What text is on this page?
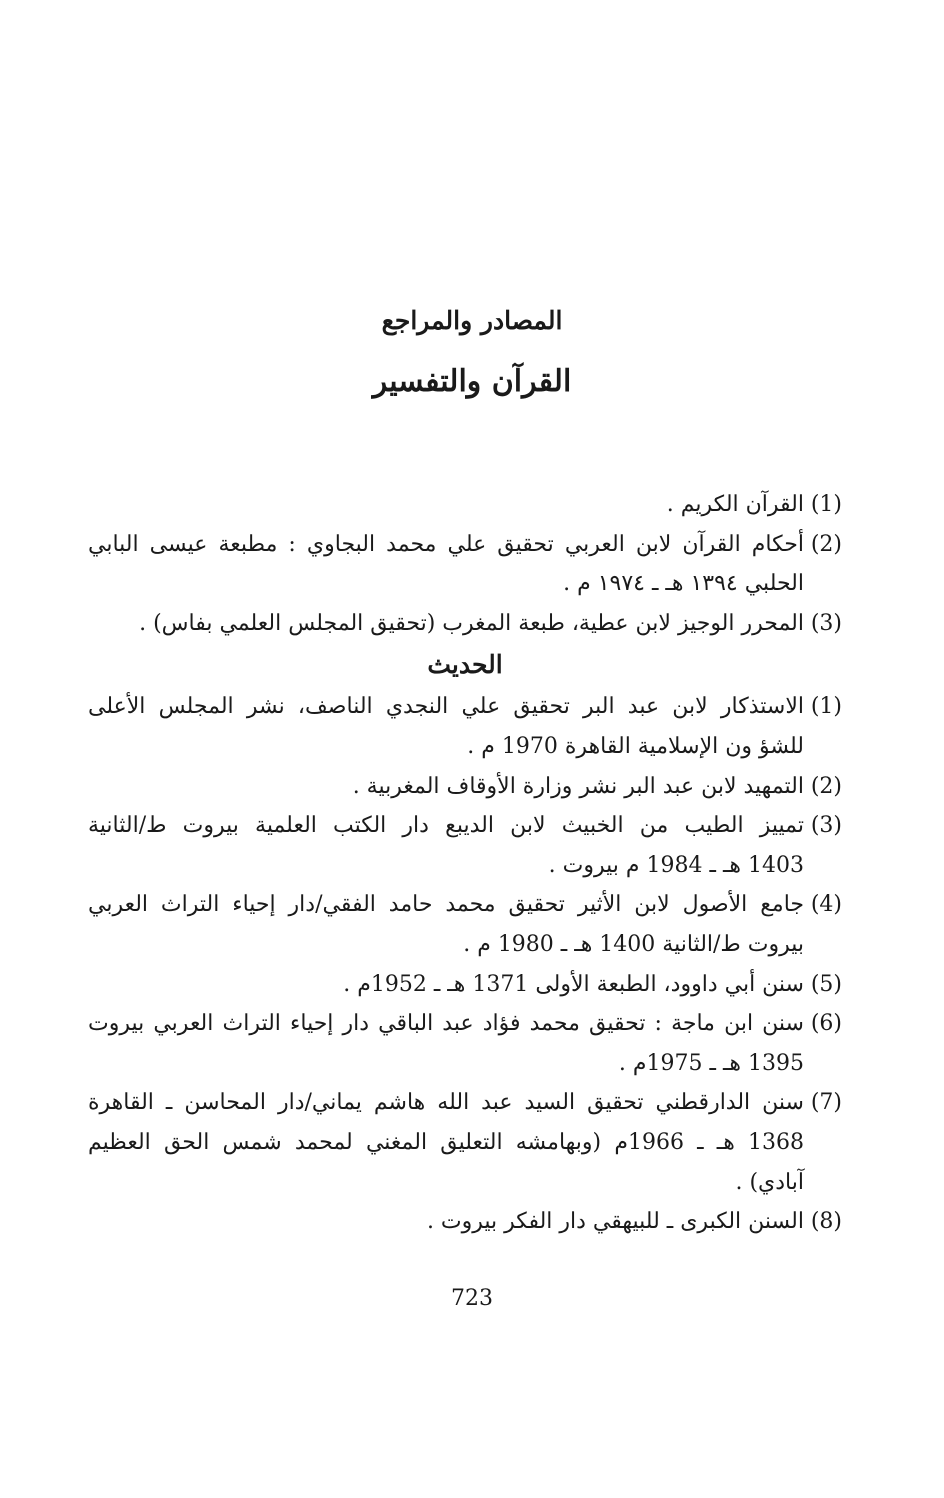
المصادر والمراجع
القرآن والتفسير
(1)
القرآن الكريم .
(2)
أحكام القرآن لابن العربي تحقيق علي محمد البجاوي : مطبعة عيسى البابي
الحلبي ١٣٩٤ هـ ـ ١٩٧٤ م .
(3)
المحرر الوجيز لابن عطية، طبعة المغرب (تحقيق المجلس العلمي بفاس) .
الحديث
(1)
الاستذكار لابن عبد البر تحقيق علي النجدي الناصف، نشر المجلس الأعلى
للشؤ ون الإسلامية القاهرة 1970 م .
(2)
التمهيد لابن عبد البر نشر وزارة الأوقاف المغربية .
(3)
تمييز الطيب من الخبيث لابن الديبع دار الكتب العلمية بيروت ط/الثانية
1403 هـ ـ 1984 م بيروت .
(4)
جامع الأصول لابن الأثير تحقيق محمد حامد الفقي/دار إحياء التراث العربي
بيروت ط/الثانية 1400 هـ ـ 1980 م .
(5)
سنن أبي داوود، الطبعة الأولى 1371 هـ ـ 1952م .
(6)
سنن ابن ماجة : تحقيق محمد فؤاد عبد الباقي دار إحياء التراث العربي بيروت
1395 هـ ـ 1975م .
(7)
سنن الدارقطني تحقيق السيد عبد الله هاشم يماني/دار المحاسن ـ القاهرة
1368 هـ ـ 1966م (وبهامشه التعليق المغني لمحمد شمس الحق العظيم
آبادي) .
(8)
السنن الكبرى ـ للبيهقي دار الفكر بيروت .
723
